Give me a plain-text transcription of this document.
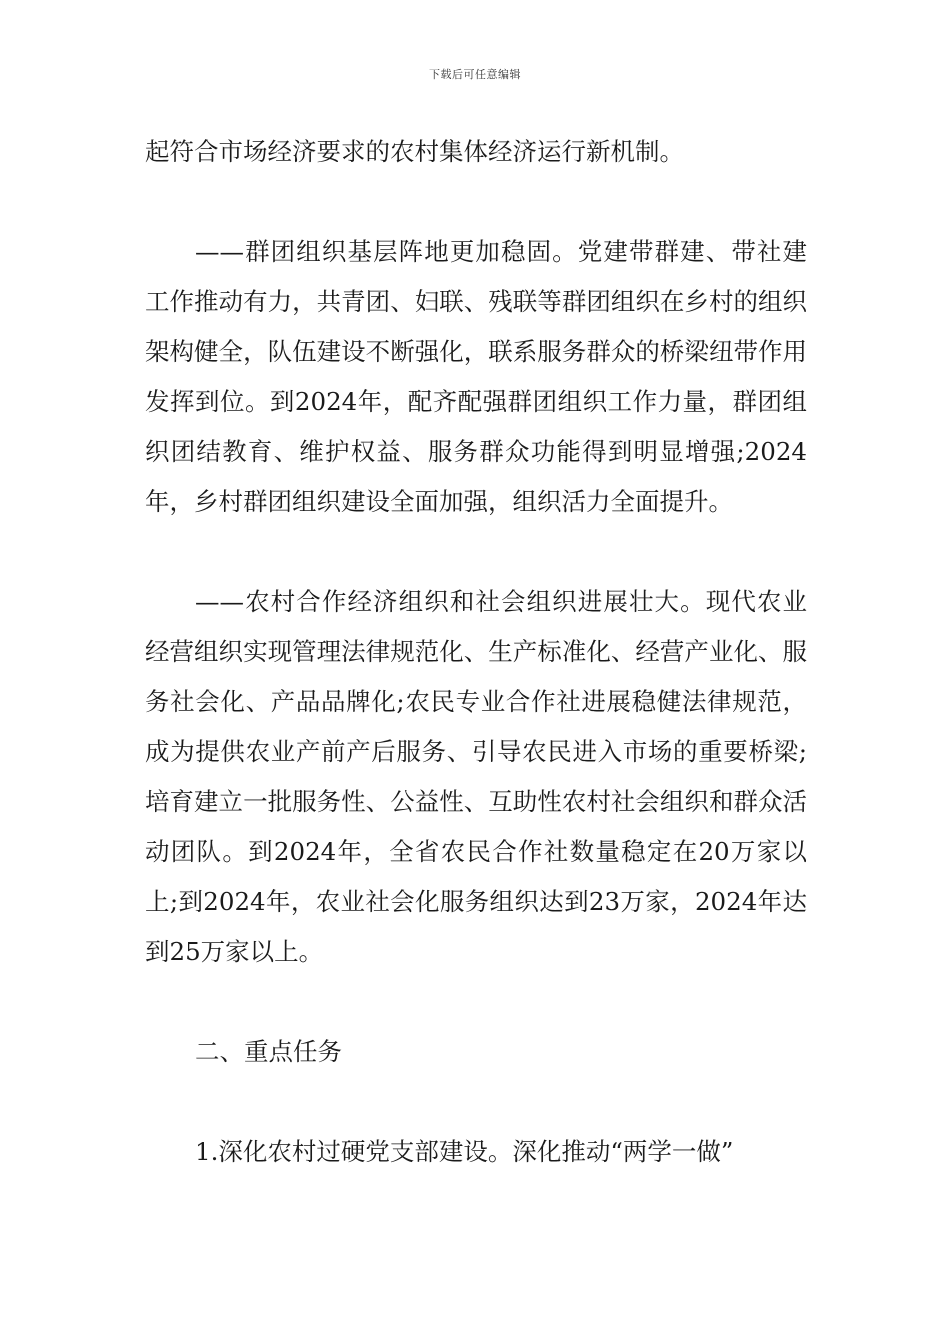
下载后可任意编辑

起符合市场经济要求的农村集体经济运行新机制。

——群团组织基层阵地更加稳固。党建带群建、带社建工作推动有力，共青团、妇联、残联等群团组织在乡村的组织架构健全，队伍建设不断强化，联系服务群众的桥梁纽带作用发挥到位。到2024年，配齐配强群团组织工作力量，群团组织团结教育、维护权益、服务群众功能得到明显增强;2024年，乡村群团组织建设全面加强，组织活力全面提升。

——农村合作经济组织和社会组织进展壮大。现代农业经营组织实现管理法律规范化、生产标准化、经营产业化、服务社会化、产品品牌化;农民专业合作社进展稳健法律规范，成为提供农业产前产后服务、引导农民进入市场的重要桥梁;培育建立一批服务性、公益性、互助性农村社会组织和群众活动团队。到2024年，全省农民合作社数量稳定在20万家以上;到2024年，农业社会化服务组织达到23万家，2024年达到25万家以上。

二、重点任务

1.深化农村过硬党支部建设。深化推动“两学一做”
